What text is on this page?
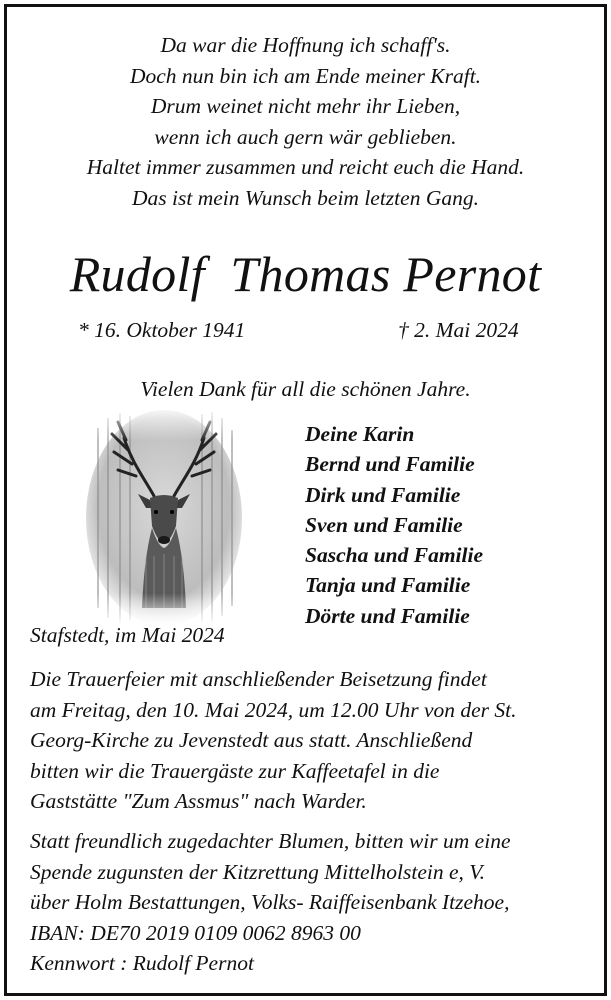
Da war die Hoffnung ich schaff's.
Doch nun bin ich am Ende meiner Kraft.
Drum weinet nicht mehr ihr Lieben,
wenn ich auch gern wär geblieben.
Haltet immer zusammen und reicht euch die Hand.
Das ist mein Wunsch beim letzten Gang.
Rudolf  Thomas Pernot
* 16. Oktober 1941	† 2. Mai 2024
Vielen Dank für all die schönen Jahre.
Deine Karin
Bernd und Familie
Dirk und Familie
Sven und Familie
Sascha und Familie
Tanja und Familie
Dörte und Familie
Stafstedt, im Mai 2024
Die Trauerfeier mit anschließender Beisetzung findet
am Freitag, den 10. Mai 2024, um 12.00 Uhr von der St.
Georg-Kirche zu Jevenstedt aus statt. Anschließend
bitten wir die Trauergäste zur Kaffeetafel in die
Gaststätte "Zum Assmus" nach Warder.
Statt freundlich zugedachter Blumen, bitten wir um eine
Spende zugunsten der Kitzrettung Mittelholstein e, V.
über Holm Bestattungen, Volks- Raiffeisenbank Itzehoe,
IBAN: DE70 2019 0109 0062 8963 00
Kennwort : Rudolf Pernot
